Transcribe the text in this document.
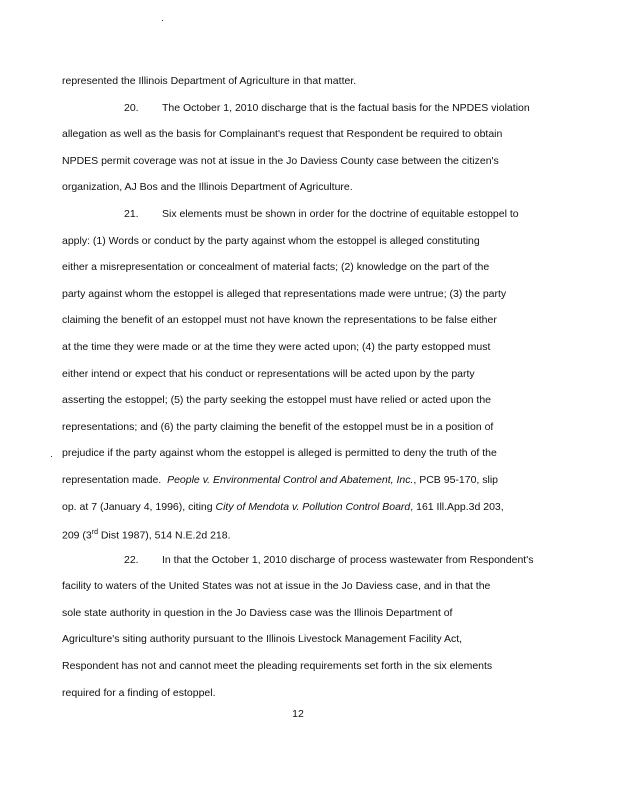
represented the Illinois Department of Agriculture in that matter.
20. The October 1, 2010 discharge that is the factual basis for the NPDES violation
allegation as well as the basis for Complainant's request that Respondent be required to obtain
NPDES permit coverage was not at issue in the Jo Daviess County case between the citizen's
organization, AJ Bos and the Illinois Department of Agriculture.
21. Six elements must be shown in order for the doctrine of equitable estoppel to
apply: (1) Words or conduct by the party against whom the estoppel is alleged constituting
either a misrepresentation or concealment of material facts; (2) knowledge on the part of the
party against whom the estoppel is alleged that representations made were untrue; (3) the party
claiming the benefit of an estoppel must not have known the representations to be false either
at the time they were made or at the time they were acted upon; (4) the party estopped must
either intend or expect that his conduct or representations will be acted upon by the party
asserting the estoppel; (5) the party seeking the estoppel must have relied or acted upon the
representations; and (6) the party claiming the benefit of the estoppel must be in a position of
prejudice if the party against whom the estoppel is alleged is permitted to deny the truth of the
representation made. People v. Environmental Control and Abatement, Inc., PCB 95-170, slip
op. at 7 (January 4, 1996), citing City of Mendota v. Pollution Control Board, 161 Ill.App.3d 203,
209 (3rd Dist 1987), 514 N.E.2d 218.
22. In that the October 1, 2010 discharge of process wastewater from Respondent's
facility to waters of the United States was not at issue in the Jo Daviess case, and in that the
sole state authority in question in the Jo Daviess case was the Illinois Department of
Agriculture's siting authority pursuant to the Illinois Livestock Management Facility Act,
Respondent has not and cannot meet the pleading requirements set forth in the six elements
required for a finding of estoppel.
12
